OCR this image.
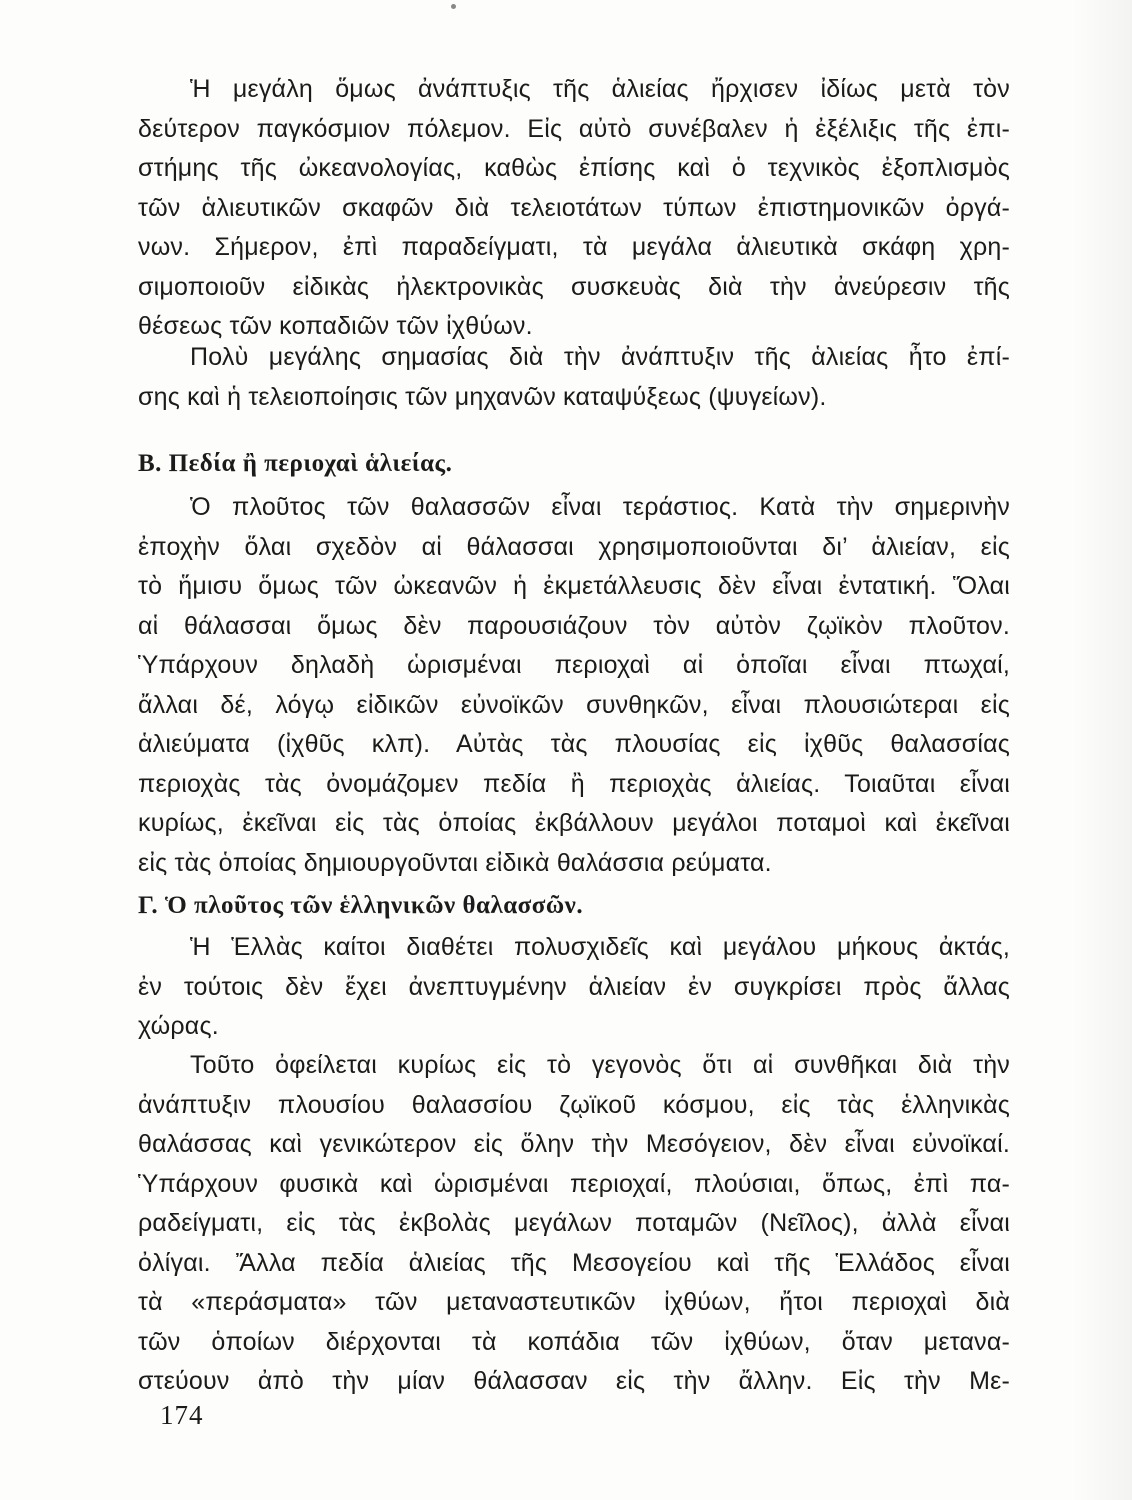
Ἡ μεγάλη ὅμως ἀνάπτυξις τῆς ἁλιείας ἤρχισεν ἰδίως μετὰ τὸν
δεύτερον παγκόσμιον πόλεμον. Εἰς αὐτὸ συνέβαλεν ἡ ἐξέλιξις τῆς ἐπι-
στήμης τῆς ὠκεανολογίας, καθὼς ἐπίσης καὶ ὁ τεχνικὸς ἐξοπλισμὸς
τῶν ἁλιευτικῶν σκαφῶν διὰ τελειοτάτων τύπων ἐπιστημονικῶν ὀργά-
νων. Σήμερον, ἐπὶ παραδείγματι, τὰ μεγάλα ἁλιευτικὰ σκάφη χρη-
σιμοποιοῦν εἰδικὰς ἠλεκτρονικὰς συσκευὰς διὰ τὴν ἀνεύρεσιν τῆς
θέσεως τῶν κοπαδιῶν τῶν ἰχθύων.
Πολὺ μεγάλης σημασίας διὰ τὴν ἀνάπτυξιν τῆς ἁλιείας ἦτο ἐπί-
σης καὶ ἡ τελειοποίησις τῶν μηχανῶν καταψύξεως (ψυγείων).
Β. Πεδία ἢ περιοχαὶ ἁλιείας.
Ὁ πλοῦτος τῶν θαλασσῶν εἶναι τεράστιος. Κατὰ τὴν σημερινὴν
ἐποχὴν ὅλαι σχεδὸν αἱ θάλασσαι χρησιμοποιοῦνται δι’ ἁλιείαν, εἰς
τὸ ἥμισυ ὅμως τῶν ὠκεανῶν ἡ ἐκμετάλλευσις δὲν εἶναι ἐντατική. Ὅλαι
αἱ θάλασσαι ὅμως δὲν παρουσιάζουν τὸν αὐτὸν ζῳϊκὸν πλοῦτον.
Ὑπάρχουν δηλαδὴ ὡρισμέναι περιοχαὶ αἱ ὁποῖαι εἶναι πτωχαί,
ἄλλαι δέ, λόγῳ εἰδικῶν εὐνοϊκῶν συνθηκῶν, εἶναι πλουσιώτεραι εἰς
ἁλιεύματα (ἰχθῦς κλπ). Αὐτὰς τὰς πλουσίας εἰς ἰχθῦς θαλασσίας
περιοχὰς τὰς ὀνομάζομεν πεδία ἢ περιοχὰς ἁλιείας. Τοιαῦται εἶναι
κυρίως, ἐκεῖναι εἰς τὰς ὁποίας ἐκβάλλουν μεγάλοι ποταμοὶ καὶ ἐκεῖναι
εἰς τὰς ὁποίας δημιουργοῦνται εἰδικὰ θαλάσσια ρεύματα.
Γ. Ὁ πλοῦτος τῶν ἑλληνικῶν θαλασσῶν.
Ἡ Ἑλλὰς καίτοι διαθέτει πολυσχιδεῖς καὶ μεγάλου μήκους ἀκτάς,
ἐν τούτοις δὲν ἔχει ἀνεπτυγμένην ἁλιείαν ἐν συγκρίσει πρὸς ἄλλας
χώρας.
Τοῦτο ὀφείλεται κυρίως εἰς τὸ γεγονὸς ὅτι αἱ συνθῆκαι διὰ τὴν
ἀνάπτυξιν πλουσίου θαλασσίου ζῳϊκοῦ κόσμου, εἰς τὰς ἑλληνικὰς
θαλάσσας καὶ γενικώτερον εἰς ὅλην τὴν Μεσόγειον, δὲν εἶναι εὐνοϊκαί.
Ὑπάρχουν φυσικὰ καὶ ὡρισμέναι περιοχαί, πλούσιαι, ὅπως, ἐπὶ πα-
ραδείγματι, εἰς τὰς ἐκβολὰς μεγάλων ποταμῶν (Νεῖλος), ἀλλὰ εἶναι
ὀλίγαι. Ἄλλα πεδία ἁλιείας τῆς Μεσογείου καὶ τῆς Ἑλλάδος εἶναι
τὰ «περάσματα» τῶν μεταναστευτικῶν ἰχθύων, ἤτοι περιοχαὶ διὰ
τῶν ὁποίων διέρχονται τὰ κοπάδια τῶν ἰχθύων, ὅταν μετανα-
στεύουν ἀπὸ τὴν μίαν θάλασσαν εἰς τὴν ἄλλην. Εἰς τὴν Με-
174
